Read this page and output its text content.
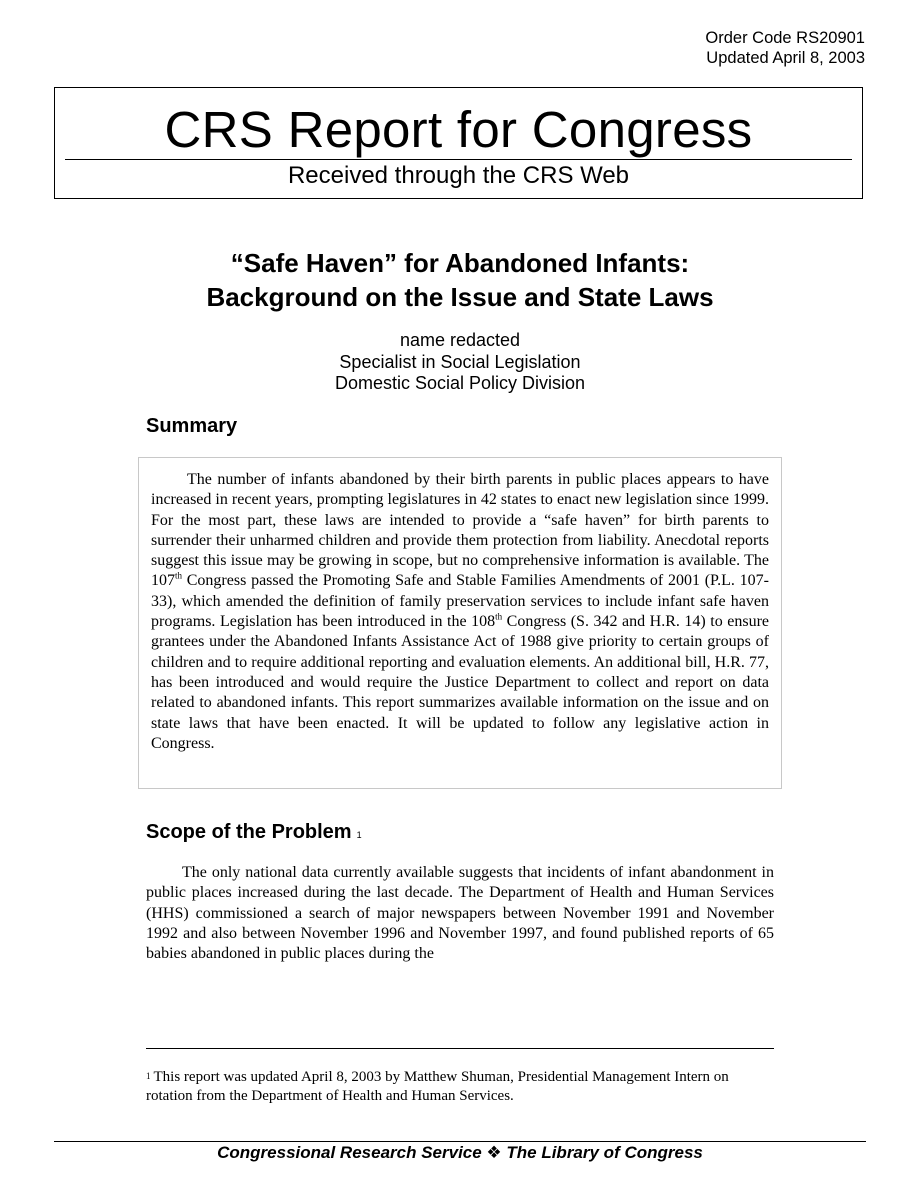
Order Code RS20901
Updated April 8, 2003
CRS Report for Congress
Received through the CRS Web
“Safe Haven” for Abandoned Infants:
Background on the Issue and State Laws
name redacted
Specialist in Social Legislation
Domestic Social Policy Division
Summary

The number of infants abandoned by their birth parents in public places appears to have increased in recent years, prompting legislatures in 42 states to enact new legislation since 1999. For the most part, these laws are intended to provide a “safe haven” for birth parents to surrender their unharmed children and provide them protection from liability. Anecdotal reports suggest this issue may be growing in scope, but no comprehensive information is available. The 107th Congress passed the Promoting Safe and Stable Families Amendments of 2001 (P.L. 107-33), which amended the definition of family preservation services to include infant safe haven programs. Legislation has been introduced in the 108th Congress (S. 342 and H.R. 14) to ensure grantees under the Abandoned Infants Assistance Act of 1988 give priority to certain groups of children and to require additional reporting and evaluation elements. An additional bill, H.R. 77, has been introduced and would require the Justice Department to collect and report on data related to abandoned infants. This report summarizes available information on the issue and on state laws that have been enacted. It will be updated to follow any legislative action in Congress.

Scope of the Problem $^1$

The only national data currently available suggests that incidents of infant abandonment in public places increased during the last decade. The Department of Health and Human Services (HHS) commissioned a search of major newspapers between November 1991 and November 1992 and also between November 1996 and November 1997, and found published reports of 65 babies abandoned in public places during the

$^1$ This report was updated April 8, 2003 by Matthew Shuman, Presidential Management Intern on rotation from the Department of Health and Human Services.

Congressional Research Service ❖ The Library of Congress
